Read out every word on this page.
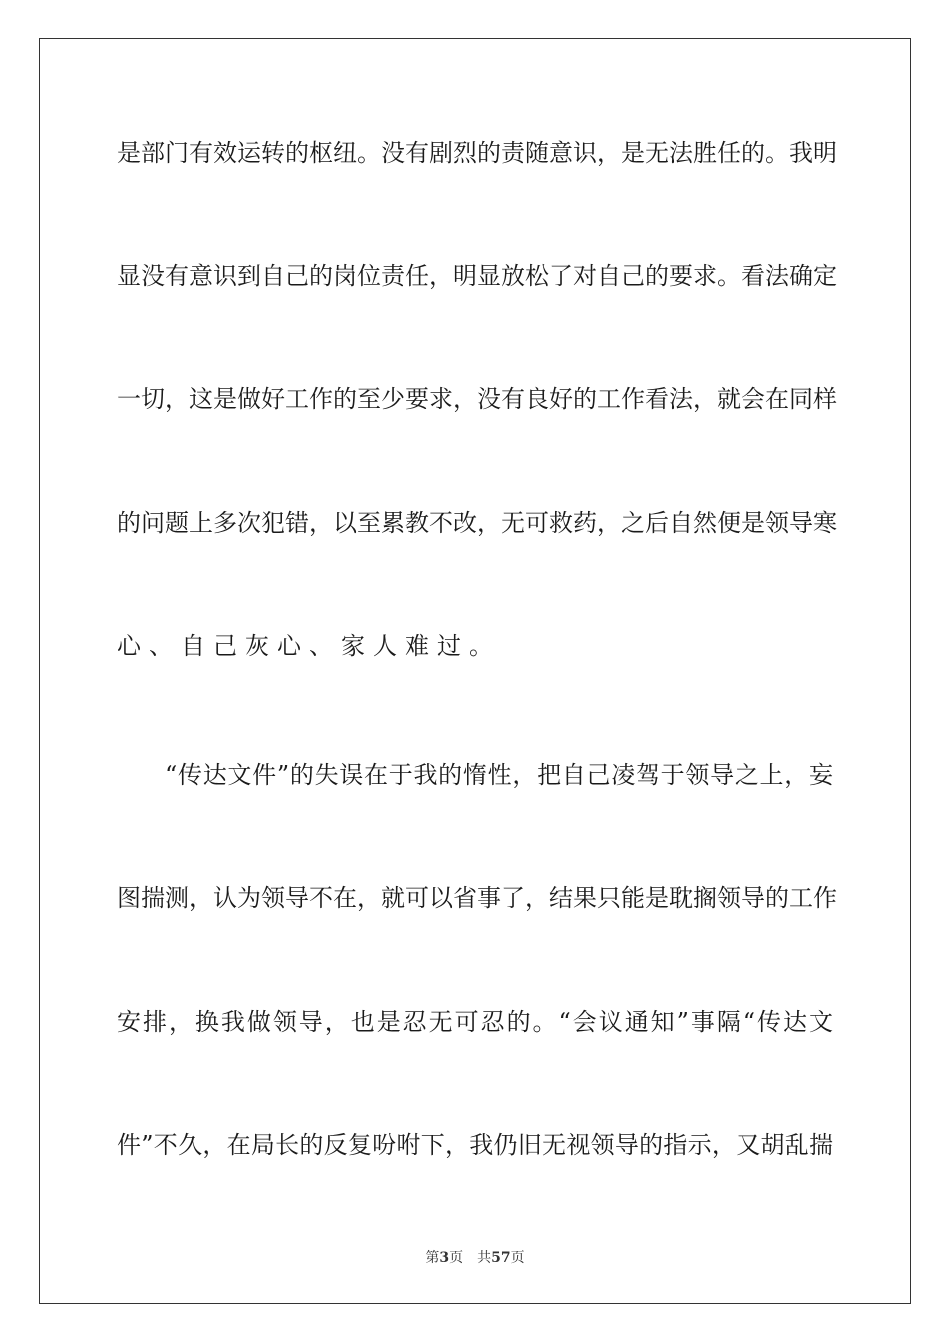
是部门有效运转的枢纽。没有剧烈的责随意识，是无法胜任的。我明
显没有意识到自己的岗位责任，明显放松了对自己的要求。看法确定
一切，这是做好工作的至少要求，没有良好的工作看法，就会在同样
的问题上多次犯错，以至累教不改，无可救药，之后自然便是领导寒
心、自己灰心、家人难过。
“传达文件”的失误在于我的惰性，把自己凌驾于领导之上，妄
图揣测，认为领导不在，就可以省事了，结果只能是耽搁领导的工作
安排，换我做领导，也是忍无可忍的。“会议通知”事隔“传达文
件”不久，在局长的反复吩咐下，我仍旧无视领导的指示，又胡乱揣
第3页 共57页
